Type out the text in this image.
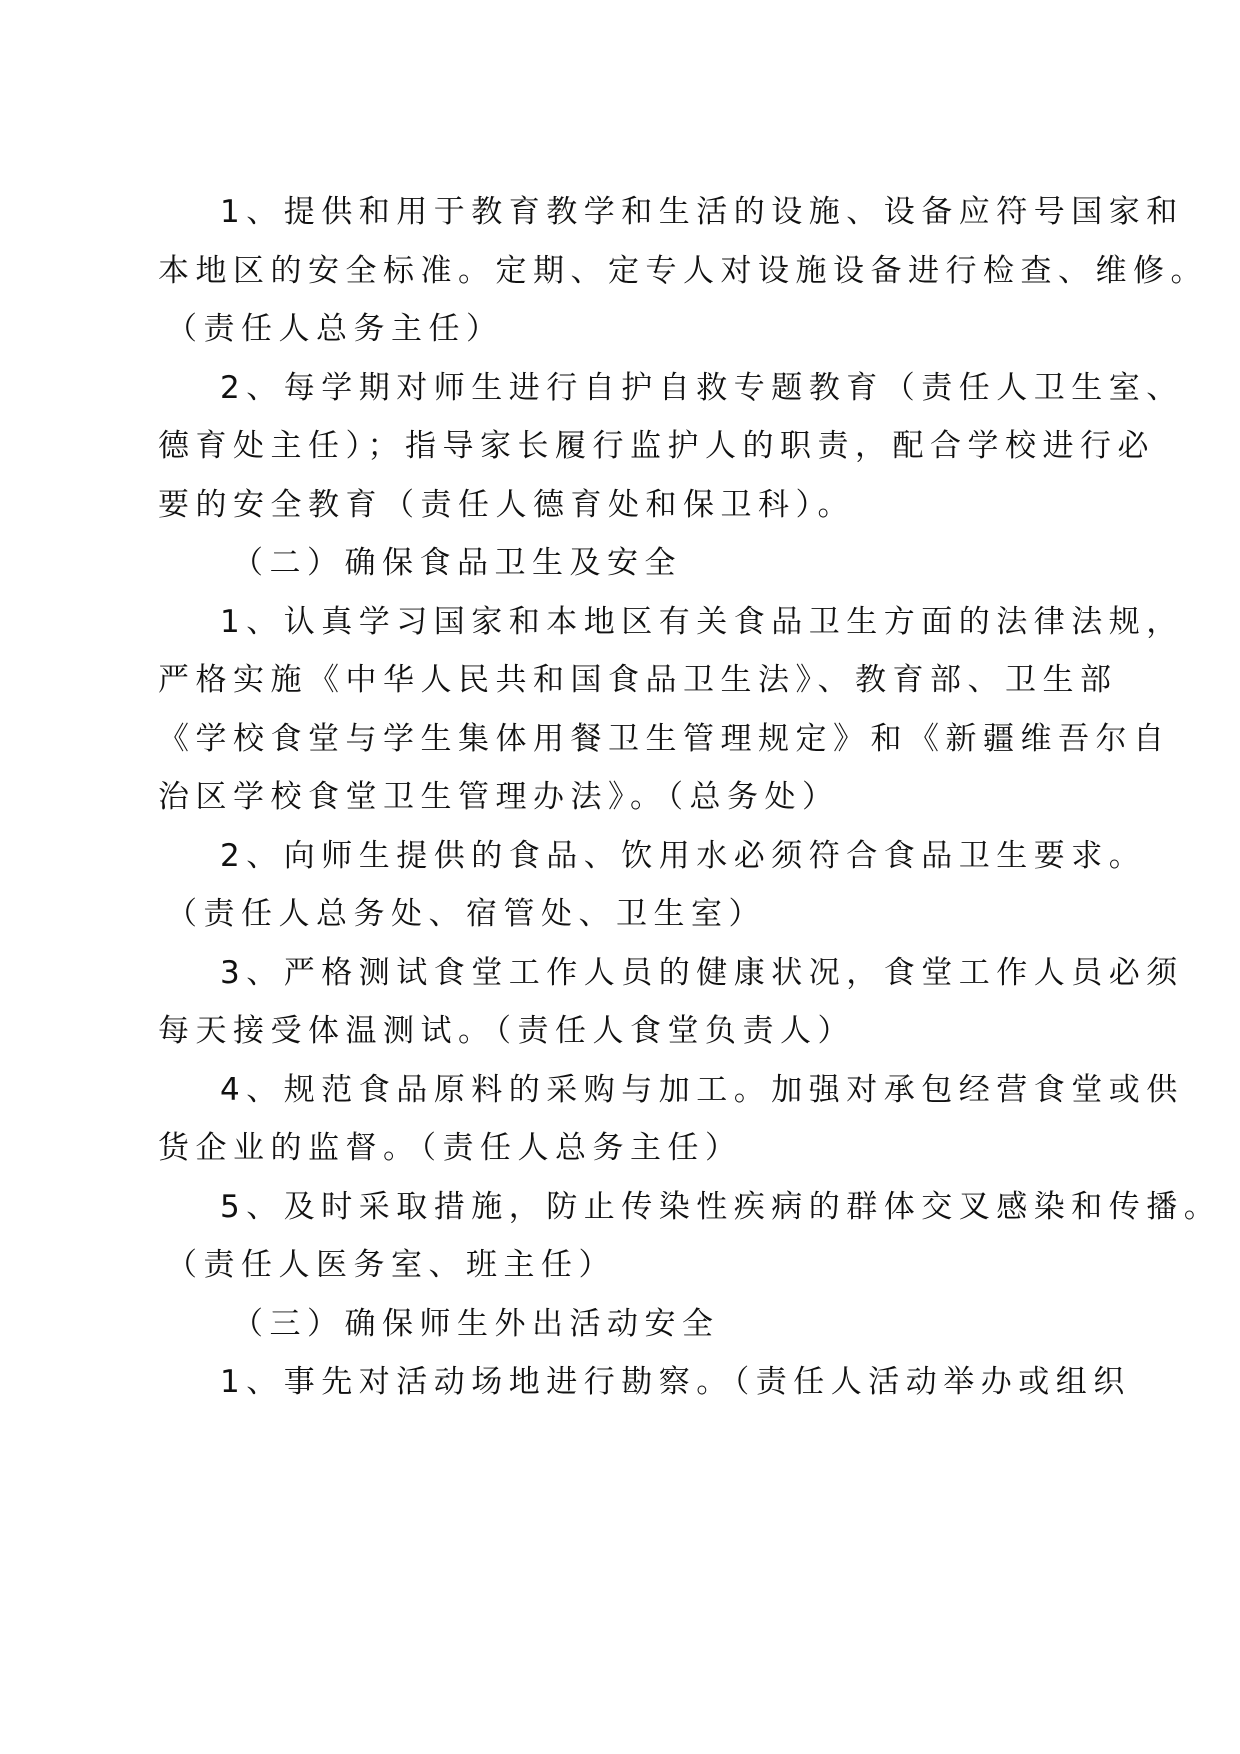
1、提供和用于教育教学和生活的设施、设备应符号国家和
本地区的安全标准。定期、定专人对设施设备进行检查、维修。
（责任人总务主任）
2、每学期对师生进行自护自救专题教育（责任人卫生室、
德育处主任）；指导家长履行监护人的职责，配合学校进行必
要的安全教育（责任人德育处和保卫科）。
（二）确保食品卫生及安全
1、认真学习国家和本地区有关食品卫生方面的法律法规，
严格实施《中华人民共和国食品卫生法》、教育部、卫生部
《学校食堂与学生集体用餐卫生管理规定》和《新疆维吾尔自
治区学校食堂卫生管理办法》。（总务处）
2、向师生提供的食品、饮用水必须符合食品卫生要求。
（责任人总务处、宿管处、卫生室）
3、严格测试食堂工作人员的健康状况，食堂工作人员必须
每天接受体温测试。（责任人食堂负责人）
4、规范食品原料的采购与加工。加强对承包经营食堂或供
货企业的监督。（责任人总务主任）
5、及时采取措施，防止传染性疾病的群体交叉感染和传播。
（责任人医务室、班主任）
（三）确保师生外出活动安全
1、事先对活动场地进行勘察。（责任人活动举办或组织
